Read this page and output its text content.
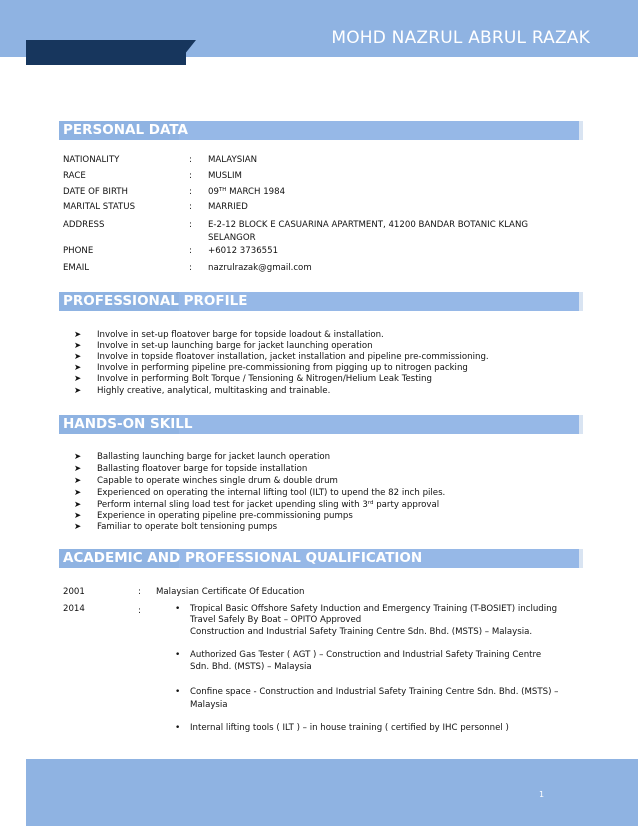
MOHD NAZRUL ABRUL RAZAK
PERSONAL DATA
NATIONALITY	: MALAYSIAN
RACE	: MUSLIM
DATE OF BIRTH	: 09TH MARCH 1984
MARITAL STATUS	: MARRIED
ADDRESS	: E-2-12 BLOCK E CASUARINA APARTMENT, 41200 BANDAR BOTANIC KLANG
SELANGOR
PHONE	: +6012 3736551
EMAIL	: nazrulrazak@gmail.com
PROFESSIONAL PROFILE
➤ Involve in set-up floatover barge for topside loadout & installation.
➤ Involve in set-up launching barge for jacket launching operation
➤ Involve in topside floatover installation, jacket installation and pipeline pre-commissioning.
➤ Involve in performing pipeline pre-commissioning from pigging up to nitrogen packing
➤ Involve in performing Bolt Torque / Tensioning & Nitrogen/Helium Leak Testing
➤ Highly creative, analytical, multitasking and trainable.
HANDS-ON SKILL
➤ Ballasting launching barge for jacket launch operation
➤ Ballasting floatover barge for topside installation
➤ Capable to operate winches single drum & double drum
➤ Experienced on operating the internal lifting tool (ILT) to upend the 82 inch piles.
➤ Perform internal sling load test for jacket upending sling with 3rd party approval
➤ Experience in operating pipeline pre-commissioning pumps
➤ Familiar to operate bolt tensioning pumps
ACADEMIC AND PROFESSIONAL QUALIFICATION
2001	: Malaysian Certificate Of Education
2014	:	• Tropical Basic Offshore Safety Induction and Emergency Training (T-BOSIET) including
Travel Safely By Boat – OPITO Approved
Construction and Industrial Safety Training Centre Sdn. Bhd. (MSTS) – Malaysia.
• Authorized Gas Tester ( AGT ) – Construction and Industrial Safety Training Centre
Sdn. Bhd. (MSTS) – Malaysia
• Confine space - Construction and Industrial Safety Training Centre Sdn. Bhd. (MSTS) –
Malaysia
• Internal lifting tools ( ILT ) – in house training ( certified by IHC personnel )
1
